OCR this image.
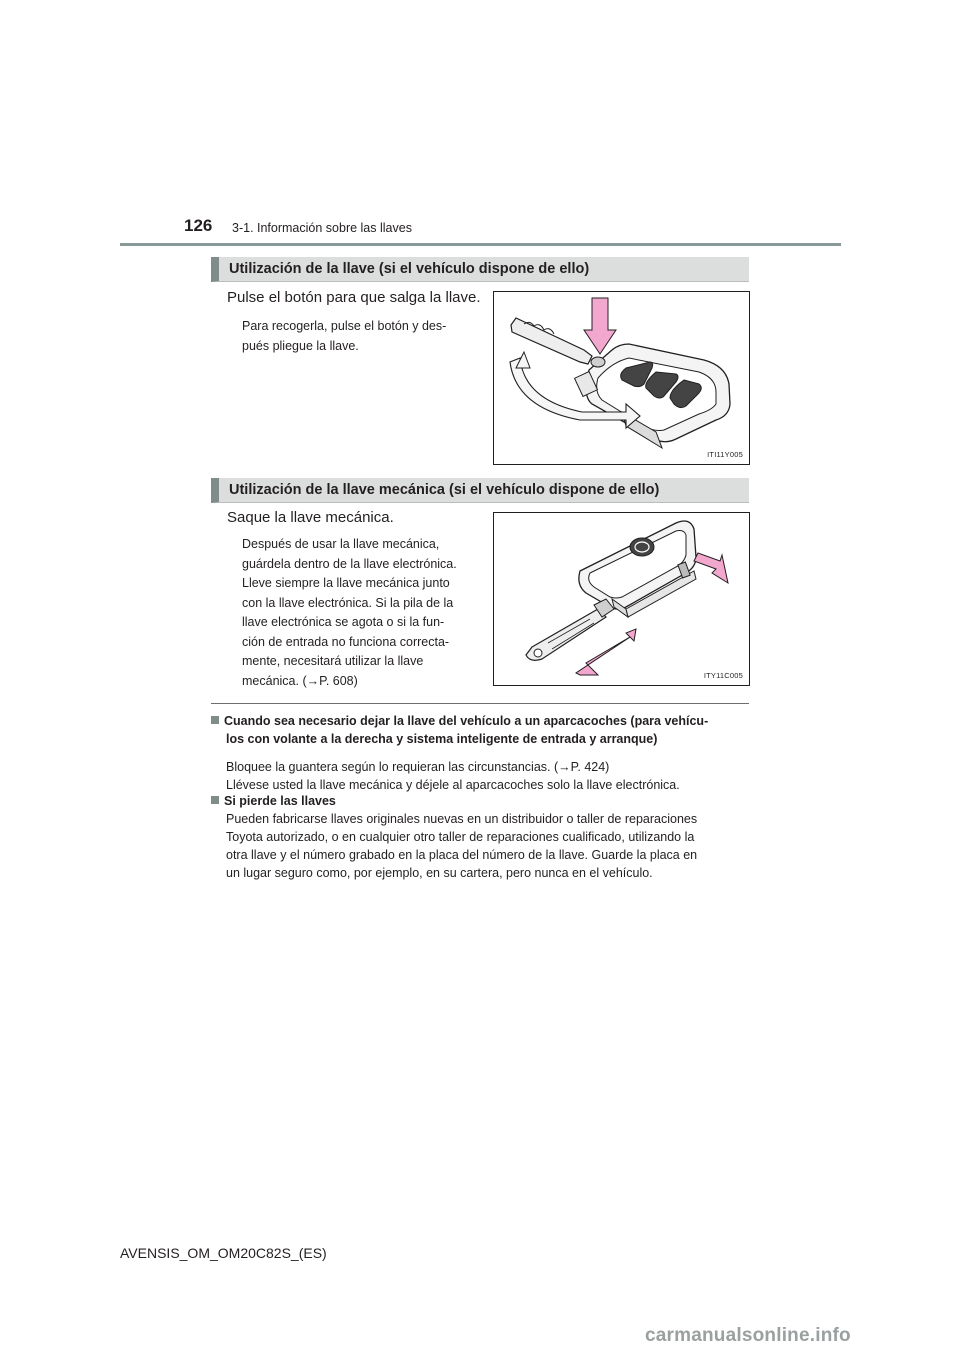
126 3-1. Información sobre las llaves
Utilización de la llave (si el vehículo dispone de ello)
Pulse el botón para que salga la llave.
Para recogerla, pulse el botón y des-
pués pliegue la llave.
ITI11Y005
Utilización de la llave mecánica (si el vehículo dispone de ello)
Saque la llave mecánica.
Después de usar la llave mecánica,
guárdela dentro de la llave electrónica.
Lleve siempre la llave mecánica junto
con la llave electrónica. Si la pila de la
llave electrónica se agota o si la fun-
ción de entrada no funciona correcta-
mente, necesitará utilizar la llave
mecánica. (→P. 608)	ITY11C005
Cuando sea necesario dejar la llave del vehículo a un aparcacoches (para vehícu-
los con volante a la derecha y sistema inteligente de entrada y arranque)
Bloquee la guantera según lo requieran las circunstancias. (→P. 424)
Llévese usted la llave mecánica y déjele al aparcacoches solo la llave electrónica.
Si pierde las llaves
Pueden fabricarse llaves originales nuevas en un distribuidor o taller de reparaciones
Toyota autorizado, o en cualquier otro taller de reparaciones cualificado, utilizando la
otra llave y el número grabado en la placa del número de la llave. Guarde la placa en
un lugar seguro como, por ejemplo, en su cartera, pero nunca en el vehículo.
AVENSIS_OM_OM20C82S_(ES)
carmanualsonline.info
